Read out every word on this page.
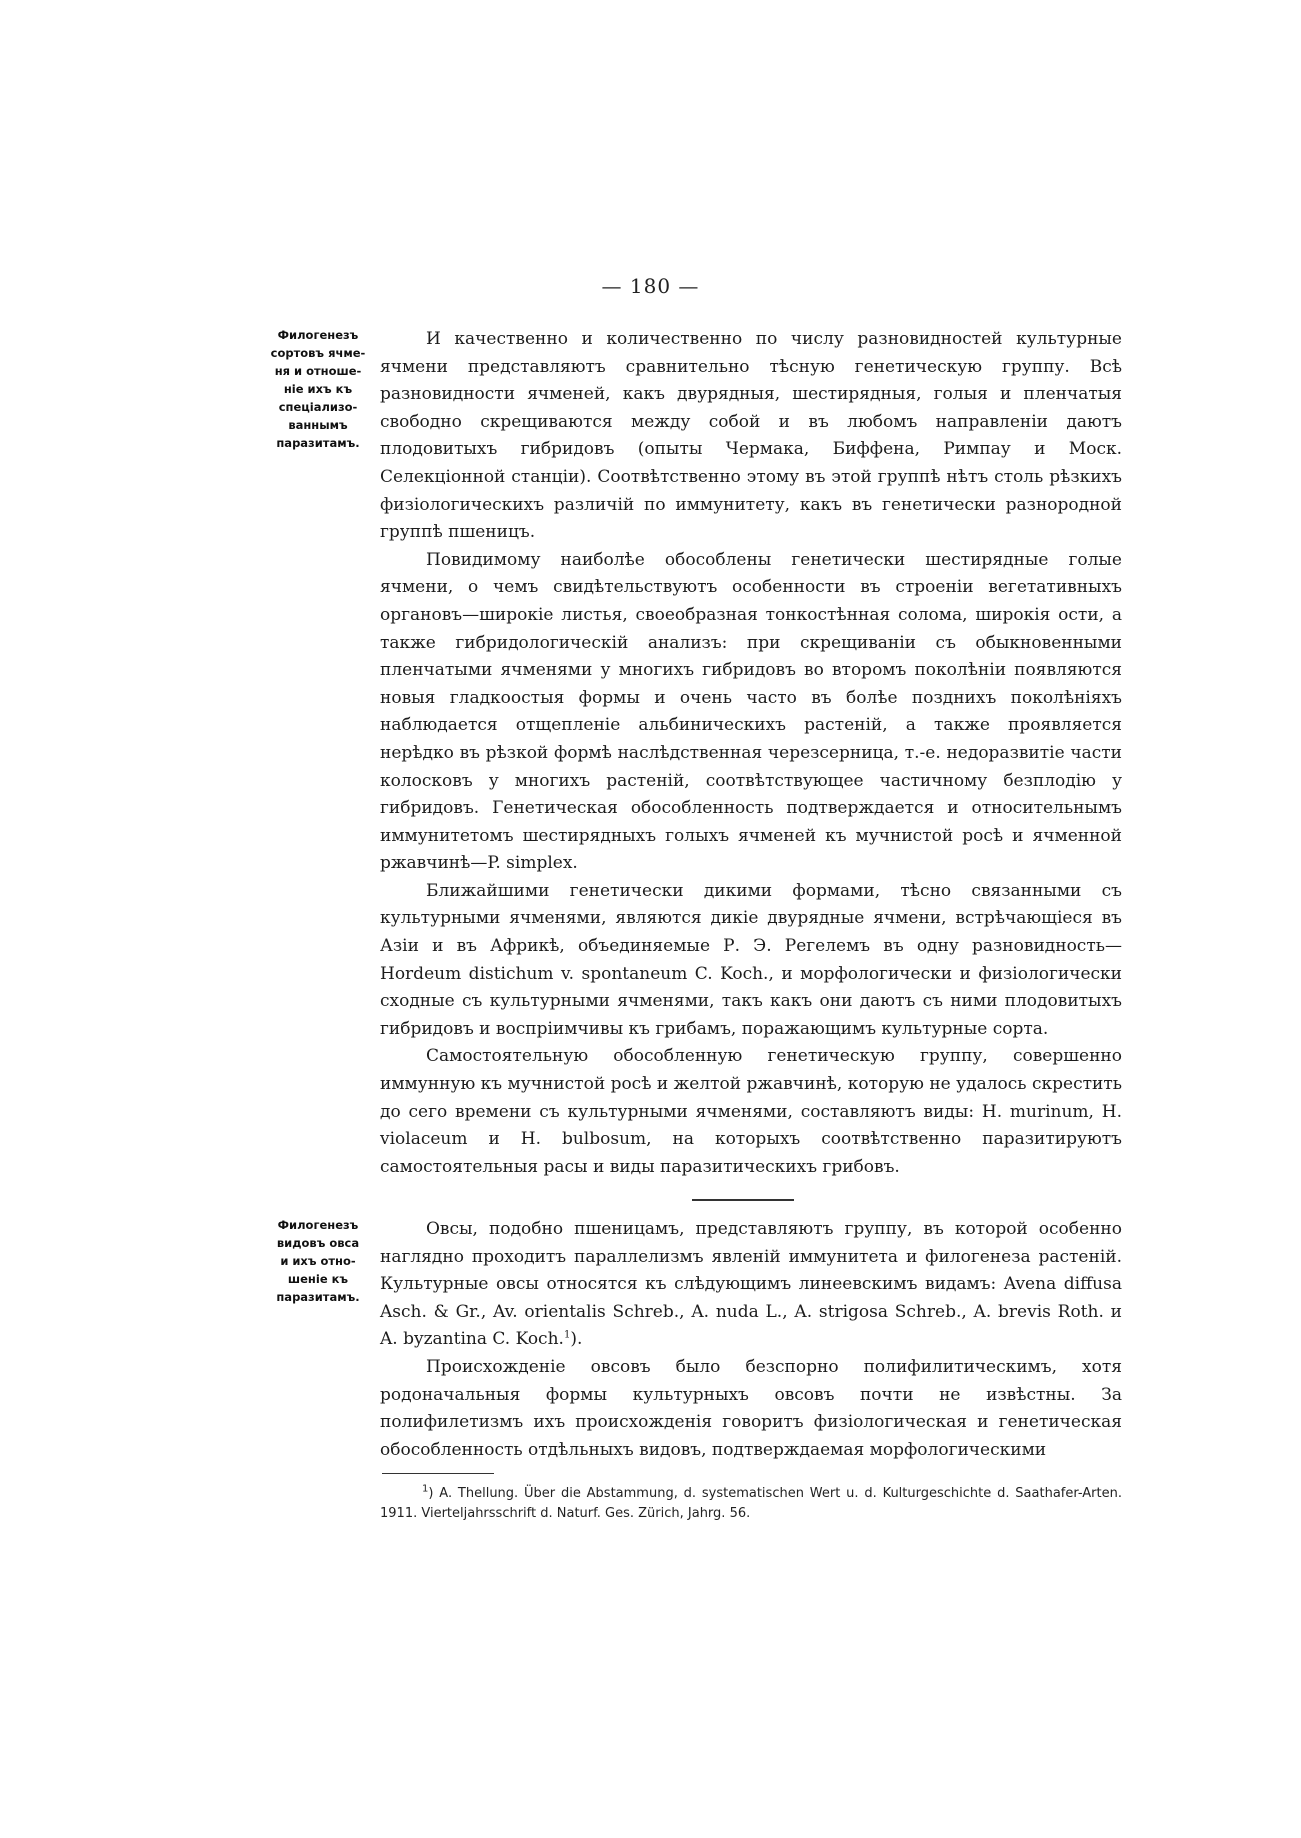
— 180 —
Филогенезъ
сортовъ ячме-
ня и отноше-
ніе ихъ къ
спеціализо-
ваннымъ
паразитамъ.

И качественно и количественно по числу разновидностей культурные ячмени представляютъ сравнительно тѣсную генетическую группу. Всѣ разновидности ячменей, какъ двурядныя, шестирядныя, голыя и пленчатыя свободно скрещиваются между собой и въ любомъ направленіи даютъ плодовитыхъ гибридовъ (опыты Чермака, Биффена, Римпау и Моск. Селекціонной станціи). Соотвѣтственно этому въ этой группѣ нѣтъ столь рѣзкихъ физіологическихъ различій по иммунитету, какъ въ генетически разнородной группѣ пшеницъ.

Повидимому наиболѣе обособлены генетически шестирядные голые ячмени, о чемъ свидѣтельствуютъ особенности въ строеніи вегетативныхъ органовъ—широкіе листья, своеобразная тонкостѣнная солома, широкія ости, а также гибридологическій анализъ: при скрещиваніи съ обыкновенными пленчатыми ячменями у многихъ гибридовъ во второмъ поколѣніи появляются новыя гладкоостыя формы и очень часто въ болѣе позднихъ поколѣніяхъ наблюдается отщепленіе альбиническихъ растеній, а также проявляется нерѣдко въ рѣзкой формѣ наслѣдственная черезсерница, т.-е. недоразвитіе части колосковъ у многихъ растеній, соотвѣтствующее частичному безплодію у гибридовъ. Генетическая обособленность подтверждается и относительнымъ иммунитетомъ шестирядныхъ голыхъ ячменей къ мучнистой росѣ и ячменной ржавчинѣ—P. simplex.

Ближайшими генетически дикими формами, тѣсно связанными съ культурными ячменями, являются дикіе двурядные ячмени, встрѣчающіеся въ Азіи и въ Африкѣ, объединяемые Р. Э. Регелемъ въ одну разновидность—Hordeum distichum v. spontaneum C. Koch., и морфологически и физіологически сходные съ культурными ячменями, такъ какъ они даютъ съ ними плодовитыхъ гибридовъ и воспріимчивы къ грибамъ, поражающимъ культурные сорта.

Самостоятельную обособленную генетическую группу, совершенно иммунную къ мучнистой росѣ и желтой ржавчинѣ, которую не удалось скрестить до сего времени съ культурными ячменями, составляютъ виды: H. murinum, H. violaceum и H. bulbosum, на которыхъ соотвѣтственно паразитируютъ самостоятельныя расы и виды паразитическихъ грибовъ.

Филогенезъ
видовъ овса
и ихъ отно-
шеніе къ
паразитамъ.

Овсы, подобно пшеницамъ, представляютъ группу, въ которой особенно наглядно проходитъ параллелизмъ явленій иммунитета и филогенеза растеній. Культурные овсы относятся къ слѣдующимъ линеевскимъ видамъ: Avena diffusa Asch. & Gr., Av. orientalis Schreb., A. nuda L., A. strigosa Schreb., A. brevis Roth. и A. byzantina C. Koch.$^1$).

Происхожденіе овсовъ было безспорно полифилитическимъ, хотя родоначальныя формы культурныхъ овсовъ почти не извѣстны. За полифилетизмъ ихъ происхожденія говоритъ физіологическая и генетическая обособленность отдѣльныхъ видовъ, подтверждаемая морфологическими

$^1$) A. Thellung. Über die Abstammung, d. systematischen Wert u. d. Kulturgeschichte d. Saathafer-Arten. 1911. Vierteljahrsschrift d. Naturf. Ges. Zürich, Jahrg. 56.
